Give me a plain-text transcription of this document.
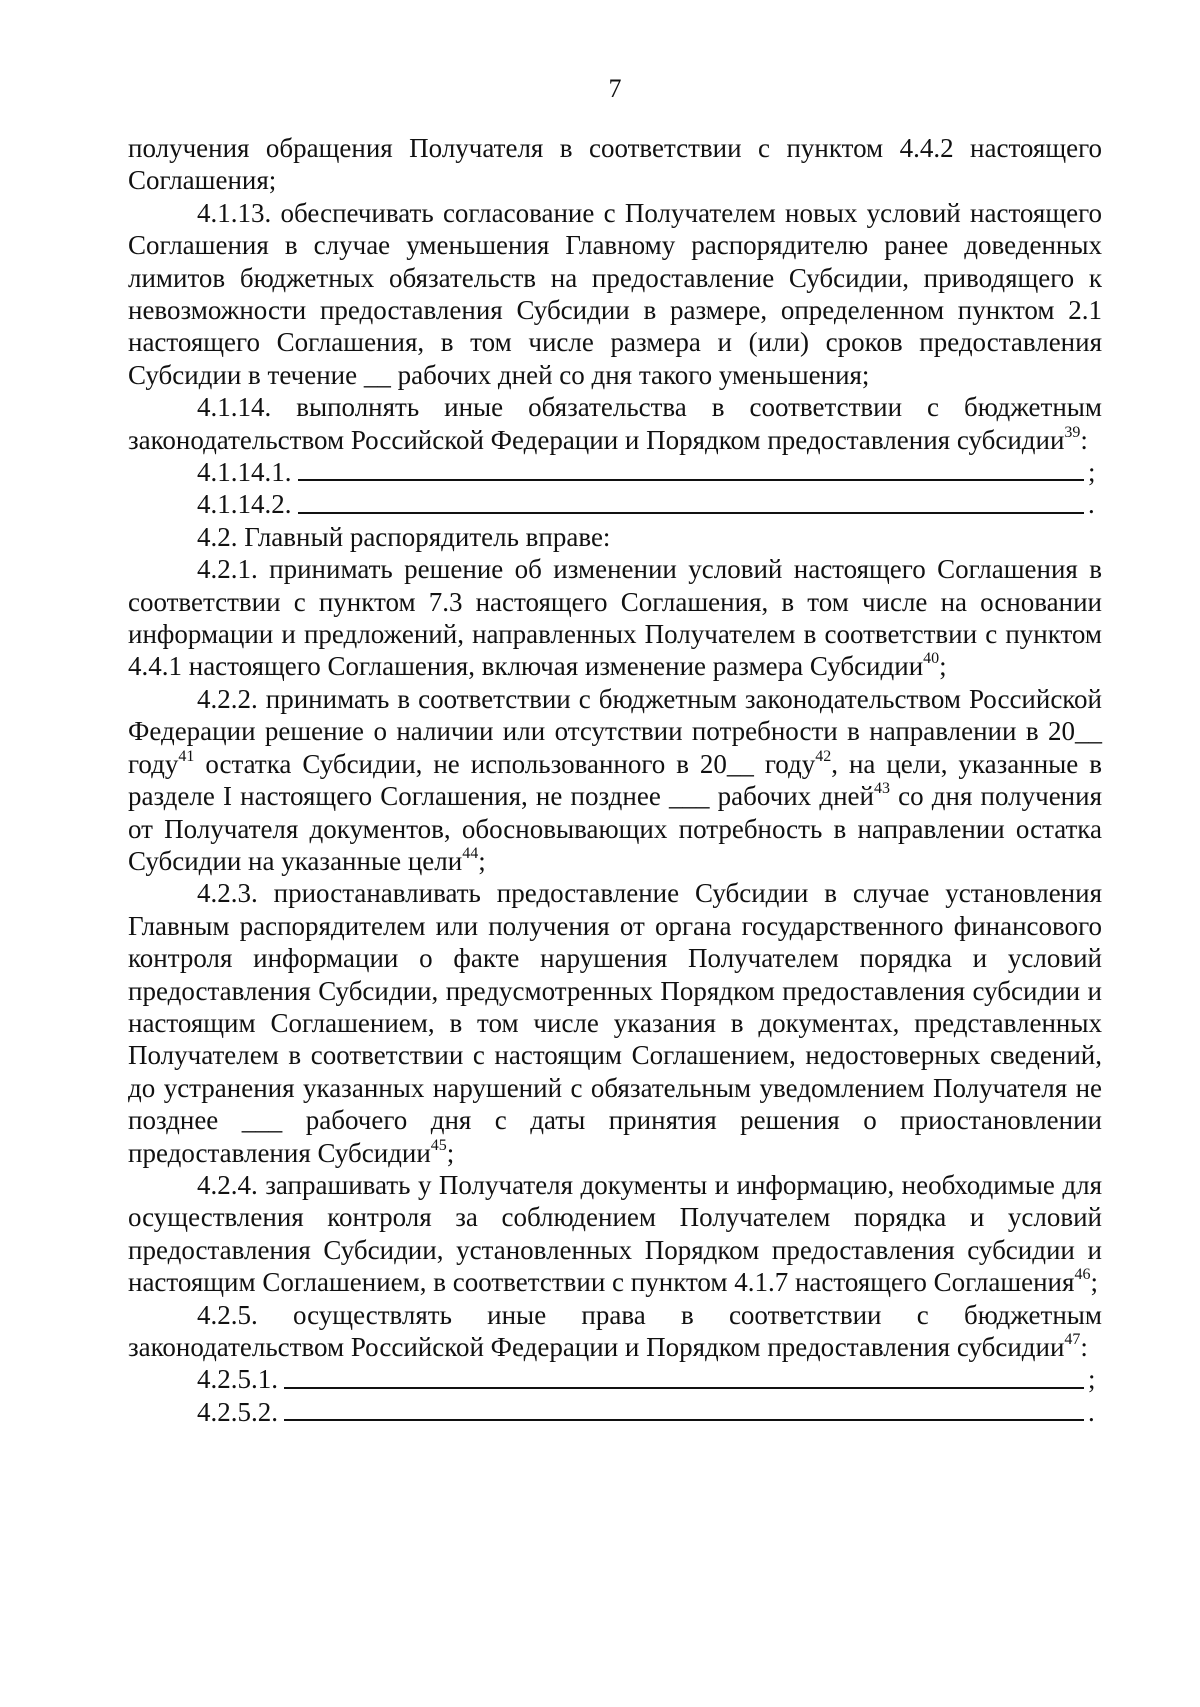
7

получения обращения Получателя в соответствии с пунктом 4.4.2 настоящего Соглашения;

4.1.13. обеспечивать согласование с Получателем новых условий настоящего Соглашения в случае уменьшения Главному распорядителю ранее доведенных лимитов бюджетных обязательств на предоставление Субсидии, приводящего к невозможности предоставления Субсидии в размере, определенном пунктом 2.1 настоящего Соглашения, в том числе размера и (или) сроков предоставления Субсидии в течение __ рабочих дней со дня такого уменьшения;

4.1.14. выполнять иные обязательства в соответствии с бюджетным законодательством Российской Федерации и Порядком предоставления субсидии$^{39}$:

4.1.14.1.	;
4.1.14.2.	.

4.2. Главный распорядитель вправе:

4.2.1. принимать решение об изменении условий настоящего Соглашения в соответствии с пунктом 7.3 настоящего Соглашения, в том числе на основании информации и предложений, направленных Получателем в соответствии с пунктом 4.4.1 настоящего Соглашения, включая изменение размера Субсидии$^{40}$;

4.2.2. принимать в соответствии с бюджетным законодательством Российской Федерации решение о наличии или отсутствии потребности в направлении в 20__ году$^{41}$ остатка Субсидии, не использованного в 20__ году$^{42}$, на цели, указанные в разделе I настоящего Соглашения, не позднее ___ рабочих дней$^{43}$ со дня получения от Получателя документов, обосновывающих потребность в направлении остатка Субсидии на указанные цели$^{44}$;

4.2.3. приостанавливать предоставление Субсидии в случае установления Главным распорядителем или получения от органа государственного финансового контроля информации о факте нарушения Получателем порядка и условий предоставления Субсидии, предусмотренных Порядком предоставления субсидии и настоящим Соглашением, в том числе указания в документах, представленных Получателем в соответствии с настоящим Соглашением, недостоверных сведений, до устранения указанных нарушений с обязательным уведомлением Получателя не позднее ___ рабочего дня с даты принятия решения о приостановлении предоставления Субсидии$^{45}$;

4.2.4. запрашивать у Получателя документы и информацию, необходимые для осуществления контроля за соблюдением Получателем порядка и условий предоставления Субсидии, установленных Порядком предоставления субсидии и настоящим Соглашением, в соответствии с пунктом 4.1.7 настоящего Соглашения$^{46}$;

4.2.5. осуществлять иные права в соответствии с бюджетным законодательством Российской Федерации и Порядком предоставления субсидии$^{47}$:

4.2.5.1.	;
4.2.5.2.	.
